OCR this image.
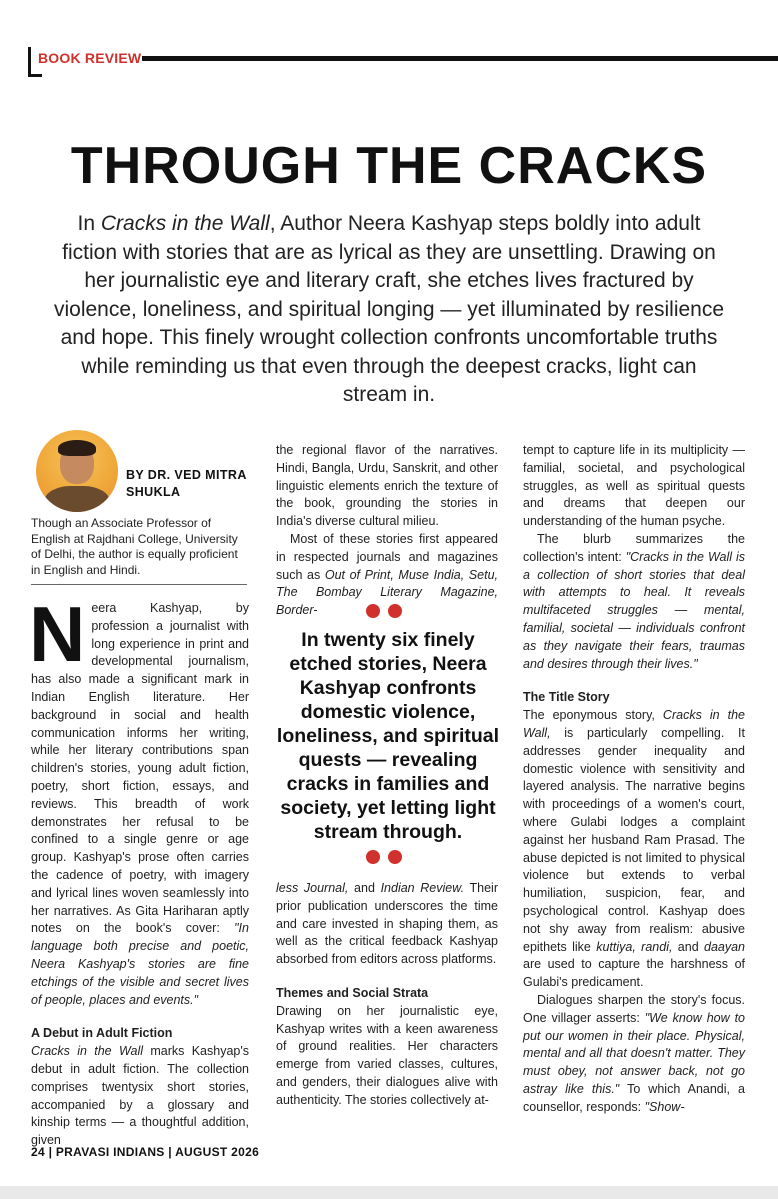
BOOK REVIEW
THROUGH THE CRACKS

In Cracks in the Wall, Author Neera Kashyap steps boldly into adult fiction with stories that are as lyrical as they are unsettling. Drawing on her journalistic eye and literary craft, she etches lives fractured by violence, loneliness, and spiritual longing — yet illuminated by resilience and hope. This finely wrought collection confronts uncomfortable truths while reminding us that even through the deepest cracks, light can stream in.

BY DR. VED MITRA SHUKLA
Though an Associate Professor of English at Rajdhani College, University of Delhi, the author is equally proficient in English and Hindi.

Neera Kashyap, by profession a journalist with long experience in print and developmental journalism, has also made a significant mark in Indian English literature. Her background in social and health communication informs her writing, while her literary contributions span children's stories, young adult fiction, poetry, short fiction, essays, and reviews. This breadth of work demonstrates her refusal to be confined to a single genre or age group. Kashyap's prose often carries the cadence of poetry, with imagery and lyrical lines woven seamlessly into her narratives. As Gita Hariharan aptly notes on the book's cover: "In language both precise and poetic, Neera Kashyap's stories are fine etchings of the visible and secret lives of people, places and events."

A Debut in Adult Fiction

Cracks in the Wall marks Kashyap's debut in adult fiction. The collection comprises twentysix short stories, accompanied by a glossary and kinship terms — a thoughtful addition, given

the regional flavor of the narratives. Hindi, Bangla, Urdu, Sanskrit, and other linguistic elements enrich the texture of the book, grounding the stories in India's diverse cultural milieu.

Most of these stories first appeared in respected journals and magazines such as Out of Print, Muse India, Setu, The Bombay Literary Magazine, Border-

In twenty six finely etched stories, Neera Kashyap confronts domestic violence, loneliness, and spiritual quests — revealing cracks in families and society, yet letting light stream through.

less Journal, and Indian Review. Their prior publication underscores the time and care invested in shaping them, as well as the critical feedback Kashyap absorbed from editors across platforms.

Themes and Social Strata

Drawing on her journalistic eye, Kashyap writes with a keen awareness of ground realities. Her characters emerge from varied classes, cultures, and genders, their dialogues alive with authenticity. The stories collectively at-

tempt to capture life in its multiplicity — familial, societal, and psychological struggles, as well as spiritual quests and dreams that deepen our understanding of the human psyche.

The blurb summarizes the collection's intent: "Cracks in the Wall is a collection of short stories that deal with attempts to heal. It reveals multifaceted struggles — mental, familial, societal — individuals confront as they navigate their fears, traumas and desires through their lives."

The Title Story

The eponymous story, Cracks in the Wall, is particularly compelling. It addresses gender inequality and domestic violence with sensitivity and layered analysis. The narrative begins with proceedings of a women's court, where Gulabi lodges a complaint against her husband Ram Prasad. The abuse depicted is not limited to physical violence but extends to verbal humiliation, suspicion, fear, and psychological control. Kashyap does not shy away from realism: abusive epithets like kuttiya, randi, and daayan are used to capture the harshness of Gulabi's predicament.

Dialogues sharpen the story's focus. One villager asserts: "We know how to put our women in their place. Physical, mental and all that doesn't matter. They must obey, not answer back, not go astray like this." To which Anandi, a counsellor, responds: "Show-

24 | PRAVASI INDIANS | AUGUST 2026
